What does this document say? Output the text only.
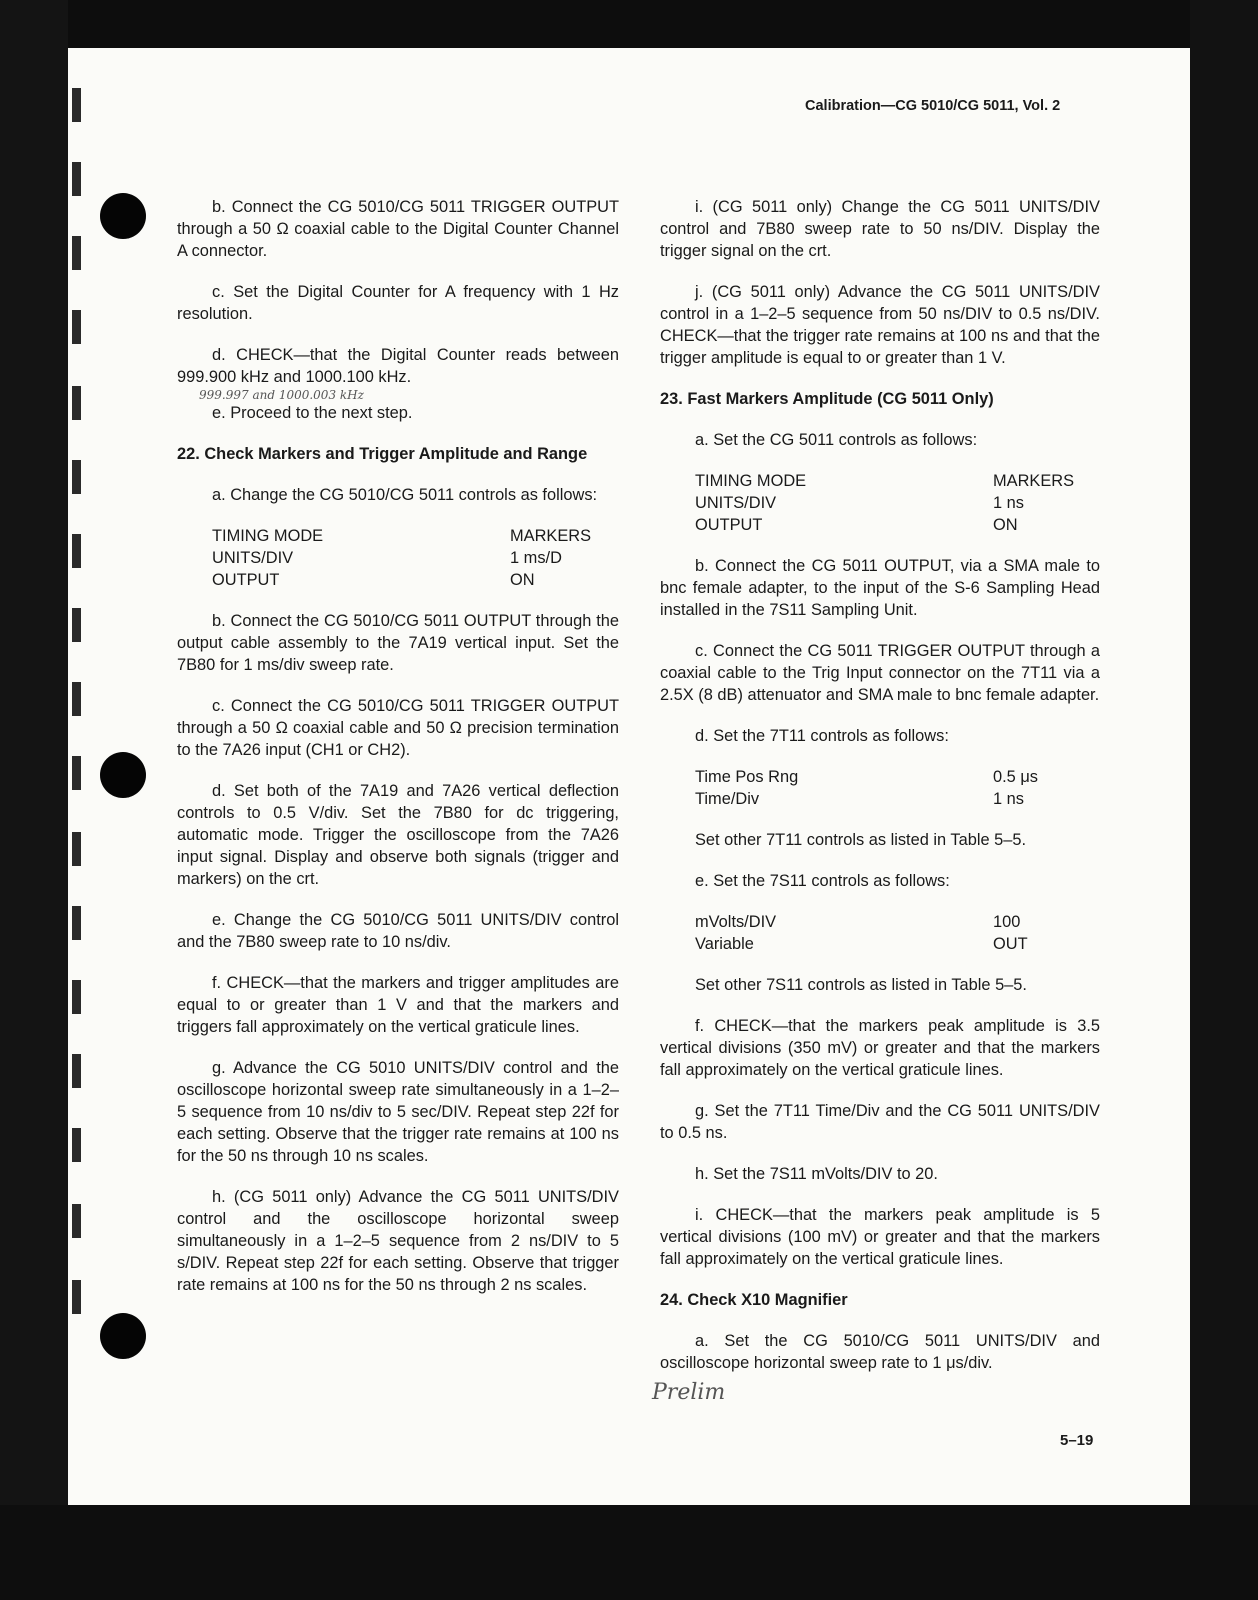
Calibration—CG 5010/CG 5011, Vol. 2

b. Connect the CG 5010/CG 5011 TRIGGER OUTPUT through a 50 Ω coaxial cable to the Digital Counter Channel A connector.

c. Set the Digital Counter for A frequency with 1 Hz resolution.

d. CHECK—that the Digital Counter reads between 999.900 kHz and 1000.100 kHz.

999.997 and 1000.003 kHz

e. Proceed to the next step.

22. Check Markers and Trigger Amplitude and Range

a. Change the CG 5010/CG 5011 controls as follows:

TIMING MODE	MARKERS
UNITS/DIV	1 ms/D
OUTPUT	ON

b. Connect the CG 5010/CG 5011 OUTPUT through the output cable assembly to the 7A19 vertical input. Set the 7B80 for 1 ms/div sweep rate.

c. Connect the CG 5010/CG 5011 TRIGGER OUTPUT through a 50 Ω coaxial cable and 50 Ω precision termination to the 7A26 input (CH1 or CH2).

d. Set both of the 7A19 and 7A26 vertical deflection controls to 0.5 V/div. Set the 7B80 for dc triggering, automatic mode. Trigger the oscilloscope from the 7A26 input signal. Display and observe both signals (trigger and markers) on the crt.

e. Change the CG 5010/CG 5011 UNITS/DIV control and the 7B80 sweep rate to 10 ns/div.

f. CHECK—that the markers and trigger amplitudes are equal to or greater than 1 V and that the markers and triggers fall approximately on the vertical graticule lines.

g. Advance the CG 5010 UNITS/DIV control and the oscilloscope horizontal sweep rate simultaneously in a 1–2–5 sequence from 10 ns/div to 5 sec/DIV. Repeat step 22f for each setting. Observe that the trigger rate remains at 100 ns for the 50 ns through 10 ns scales.

h. (CG 5011 only) Advance the CG 5011 UNITS/DIV control and the oscilloscope horizontal sweep simultaneously in a 1–2–5 sequence from 2 ns/DIV to 5 s/DIV. Repeat step 22f for each setting. Observe that trigger rate remains at 100 ns for the 50 ns through 2 ns scales.

i. (CG 5011 only) Change the CG 5011 UNITS/DIV control and 7B80 sweep rate to 50 ns/DIV. Display the trigger signal on the crt.

j. (CG 5011 only) Advance the CG 5011 UNITS/DIV control in a 1–2–5 sequence from 50 ns/DIV to 0.5 ns/DIV. CHECK—that the trigger rate remains at 100 ns and that the trigger amplitude is equal to or greater than 1 V.

23. Fast Markers Amplitude (CG 5011 Only)

a. Set the CG 5011 controls as follows:

TIMING MODE	MARKERS
UNITS/DIV	1 ns
OUTPUT	ON

b. Connect the CG 5011 OUTPUT, via a SMA male to bnc female adapter, to the input of the S-6 Sampling Head installed in the 7S11 Sampling Unit.

c. Connect the CG 5011 TRIGGER OUTPUT through a coaxial cable to the Trig Input connector on the 7T11 via a 2.5X (8 dB) attenuator and SMA male to bnc female adapter.

d. Set the 7T11 controls as follows:

Time Pos Rng	0.5 μs
Time/Div	1 ns

Set other 7T11 controls as listed in Table 5–5.

e. Set the 7S11 controls as follows:

mVolts/DIV	100
Variable	OUT

Set other 7S11 controls as listed in Table 5–5.

f. CHECK—that the markers peak amplitude is 3.5 vertical divisions (350 mV) or greater and that the markers fall approximately on the vertical graticule lines.

g. Set the 7T11 Time/Div and the CG 5011 UNITS/DIV to 0.5 ns.

h. Set the 7S11 mVolts/DIV to 20.

i. CHECK—that the markers peak amplitude is 5 vertical divisions (100 mV) or greater and that the markers fall approximately on the vertical graticule lines.

24. Check X10 Magnifier

a. Set the CG 5010/CG 5011 UNITS/DIV and oscilloscope horizontal sweep rate to 1 μs/div.

Prelim
5–19
